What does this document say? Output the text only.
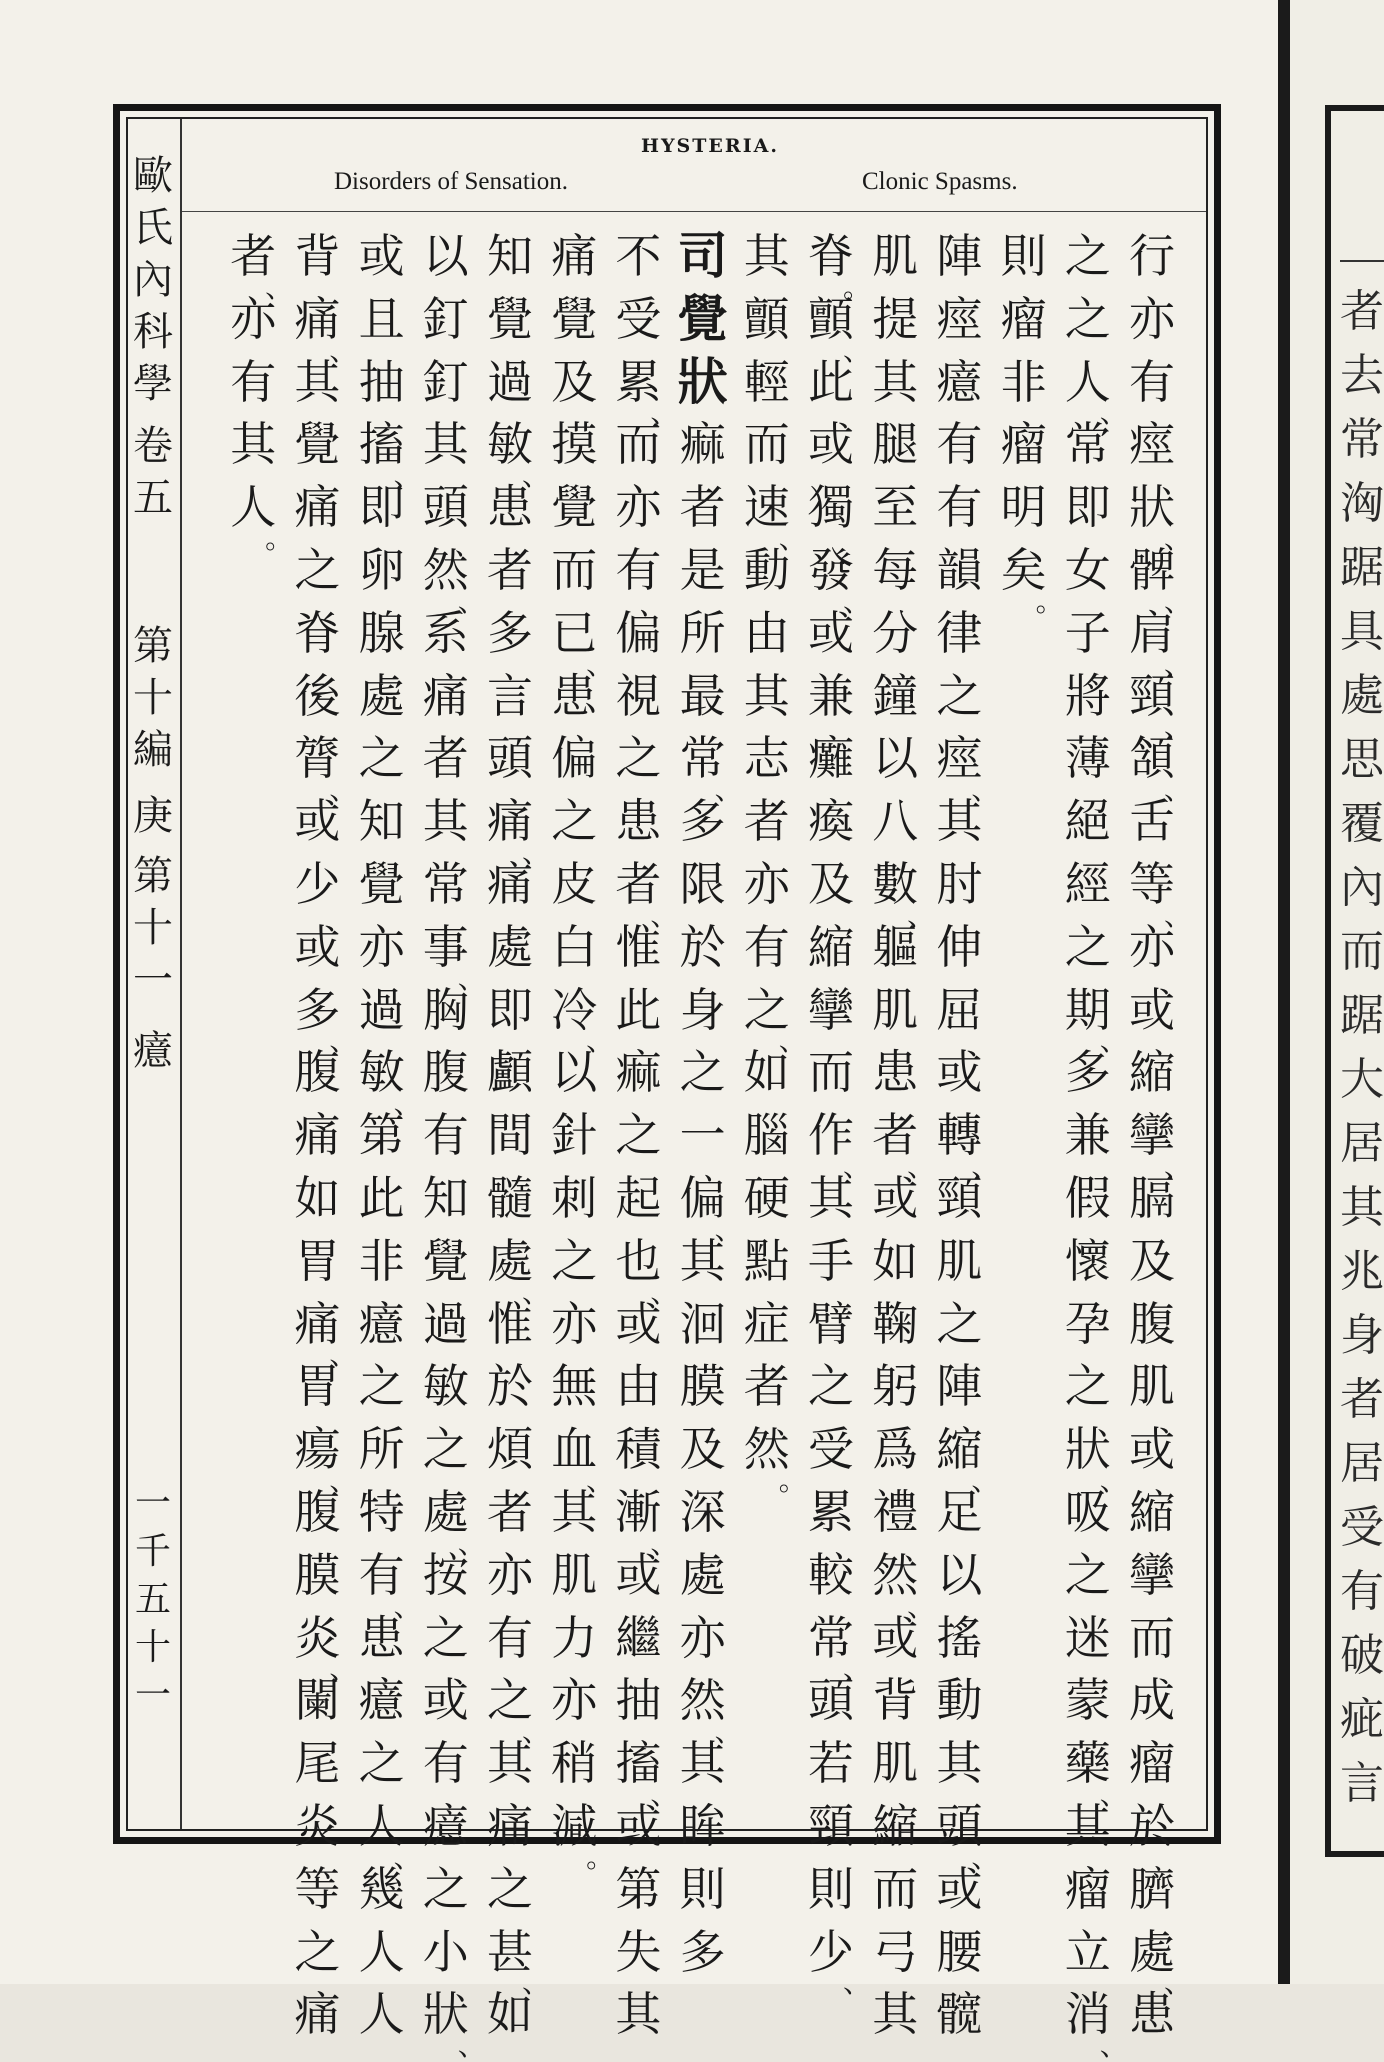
者
去
常
洶
踞
具
處
思
覆
內
而
踞
大
居
其
兆
身
者
居
受
有
破
疵
言
HYSTERIA.
Disorders of Sensation.	Clonic Spasms.
歐
氏
內
科
學
卷
五
第
十
編
庚
第
十
一
癔
一
千
五
十
一
行
亦
有
痙
狀
、
髀
、
肩
、
頸
、
頷
、
舌
等
、
亦
或
縮
攣
、
膈
及
腹
肌
或
縮
攣
而
成
瘤
於
臍
處
、
患
之
之
人
、
常
即
女
子
將
薄
絕
經
之
期
、
多
兼
假
懷
孕
之
狀
、
吸
之
迷
蒙
藥
、
其
瘤
立
消
、
則
瘤
非
瘤
明
矣
。
陣
痙
癔
有
有
韻
律
之
痙
、
其
肘
伸
屈
或
轉
、
頸
肌
之
陣
縮
、
足
以
搖
動
其
頭
、
或
腰
髋
肌
提
其
腿
至
每
分
鐘
以
八
數
、
軀
肌
患
者
、
或
如
鞠
躬
爲
禮
然
、
或
背
肌
縮
而
弓
其
脊
。
顫
、
此
或
獨
發
、
或
兼
癱
瘓
及
縮
攣
而
作
、
其
手
臂
之
受
累
較
常
、
頭
若
頸
則
少
、
其
顫
輕
而
速
、
動
由
其
志
者
亦
有
之
、
如
腦
硬
點
症
者
然
。
司
覺
狀
痲
者
是
所
最
常
、
多
限
於
身
之
一
偏
、
其
洄
膜
及
深
處
亦
然
、
其
眸
則
多
不
受
累
、
而
亦
有
偏
視
之
患
者
、
惟
此
痲
之
起
也
、
或
由
積
漸
、
或
繼
抽
搐
、
或
第
失
其
痛
覺
及
摸
覺
而
已
、
患
偏
之
皮
白
冷
、
以
針
刺
之
亦
無
血
、
其
肌
力
亦
稍
減
。
知
覺
過
敏
、
患
者
多
言
頭
痛
、
痛
處
即
顱
間
髓
處
、
惟
於
煩
者
亦
有
之
、
其
痛
之
甚
、
如
以
釘
釘
其
頭
然
、
系
痛
者
其
常
事
、
胸
腹
有
知
覺
過
敏
之
處
、
按
之
或
有
癔
之
小
狀
、
或
且
抽
搐
、
即
卵
腺
處
之
知
覺
亦
過
敏
、
第
此
非
癔
之
所
特
有
、
患
癔
之
人
、
幾
人
人
背
痛
、
其
覺
痛
之
脊
後
膂
、
或
少
或
多
、
腹
痛
如
胃
痛
、
胃
瘍
、
腹
膜
炎
、
闌
尾
炎
等
之
痛
者
、
亦
有
其
人
。
